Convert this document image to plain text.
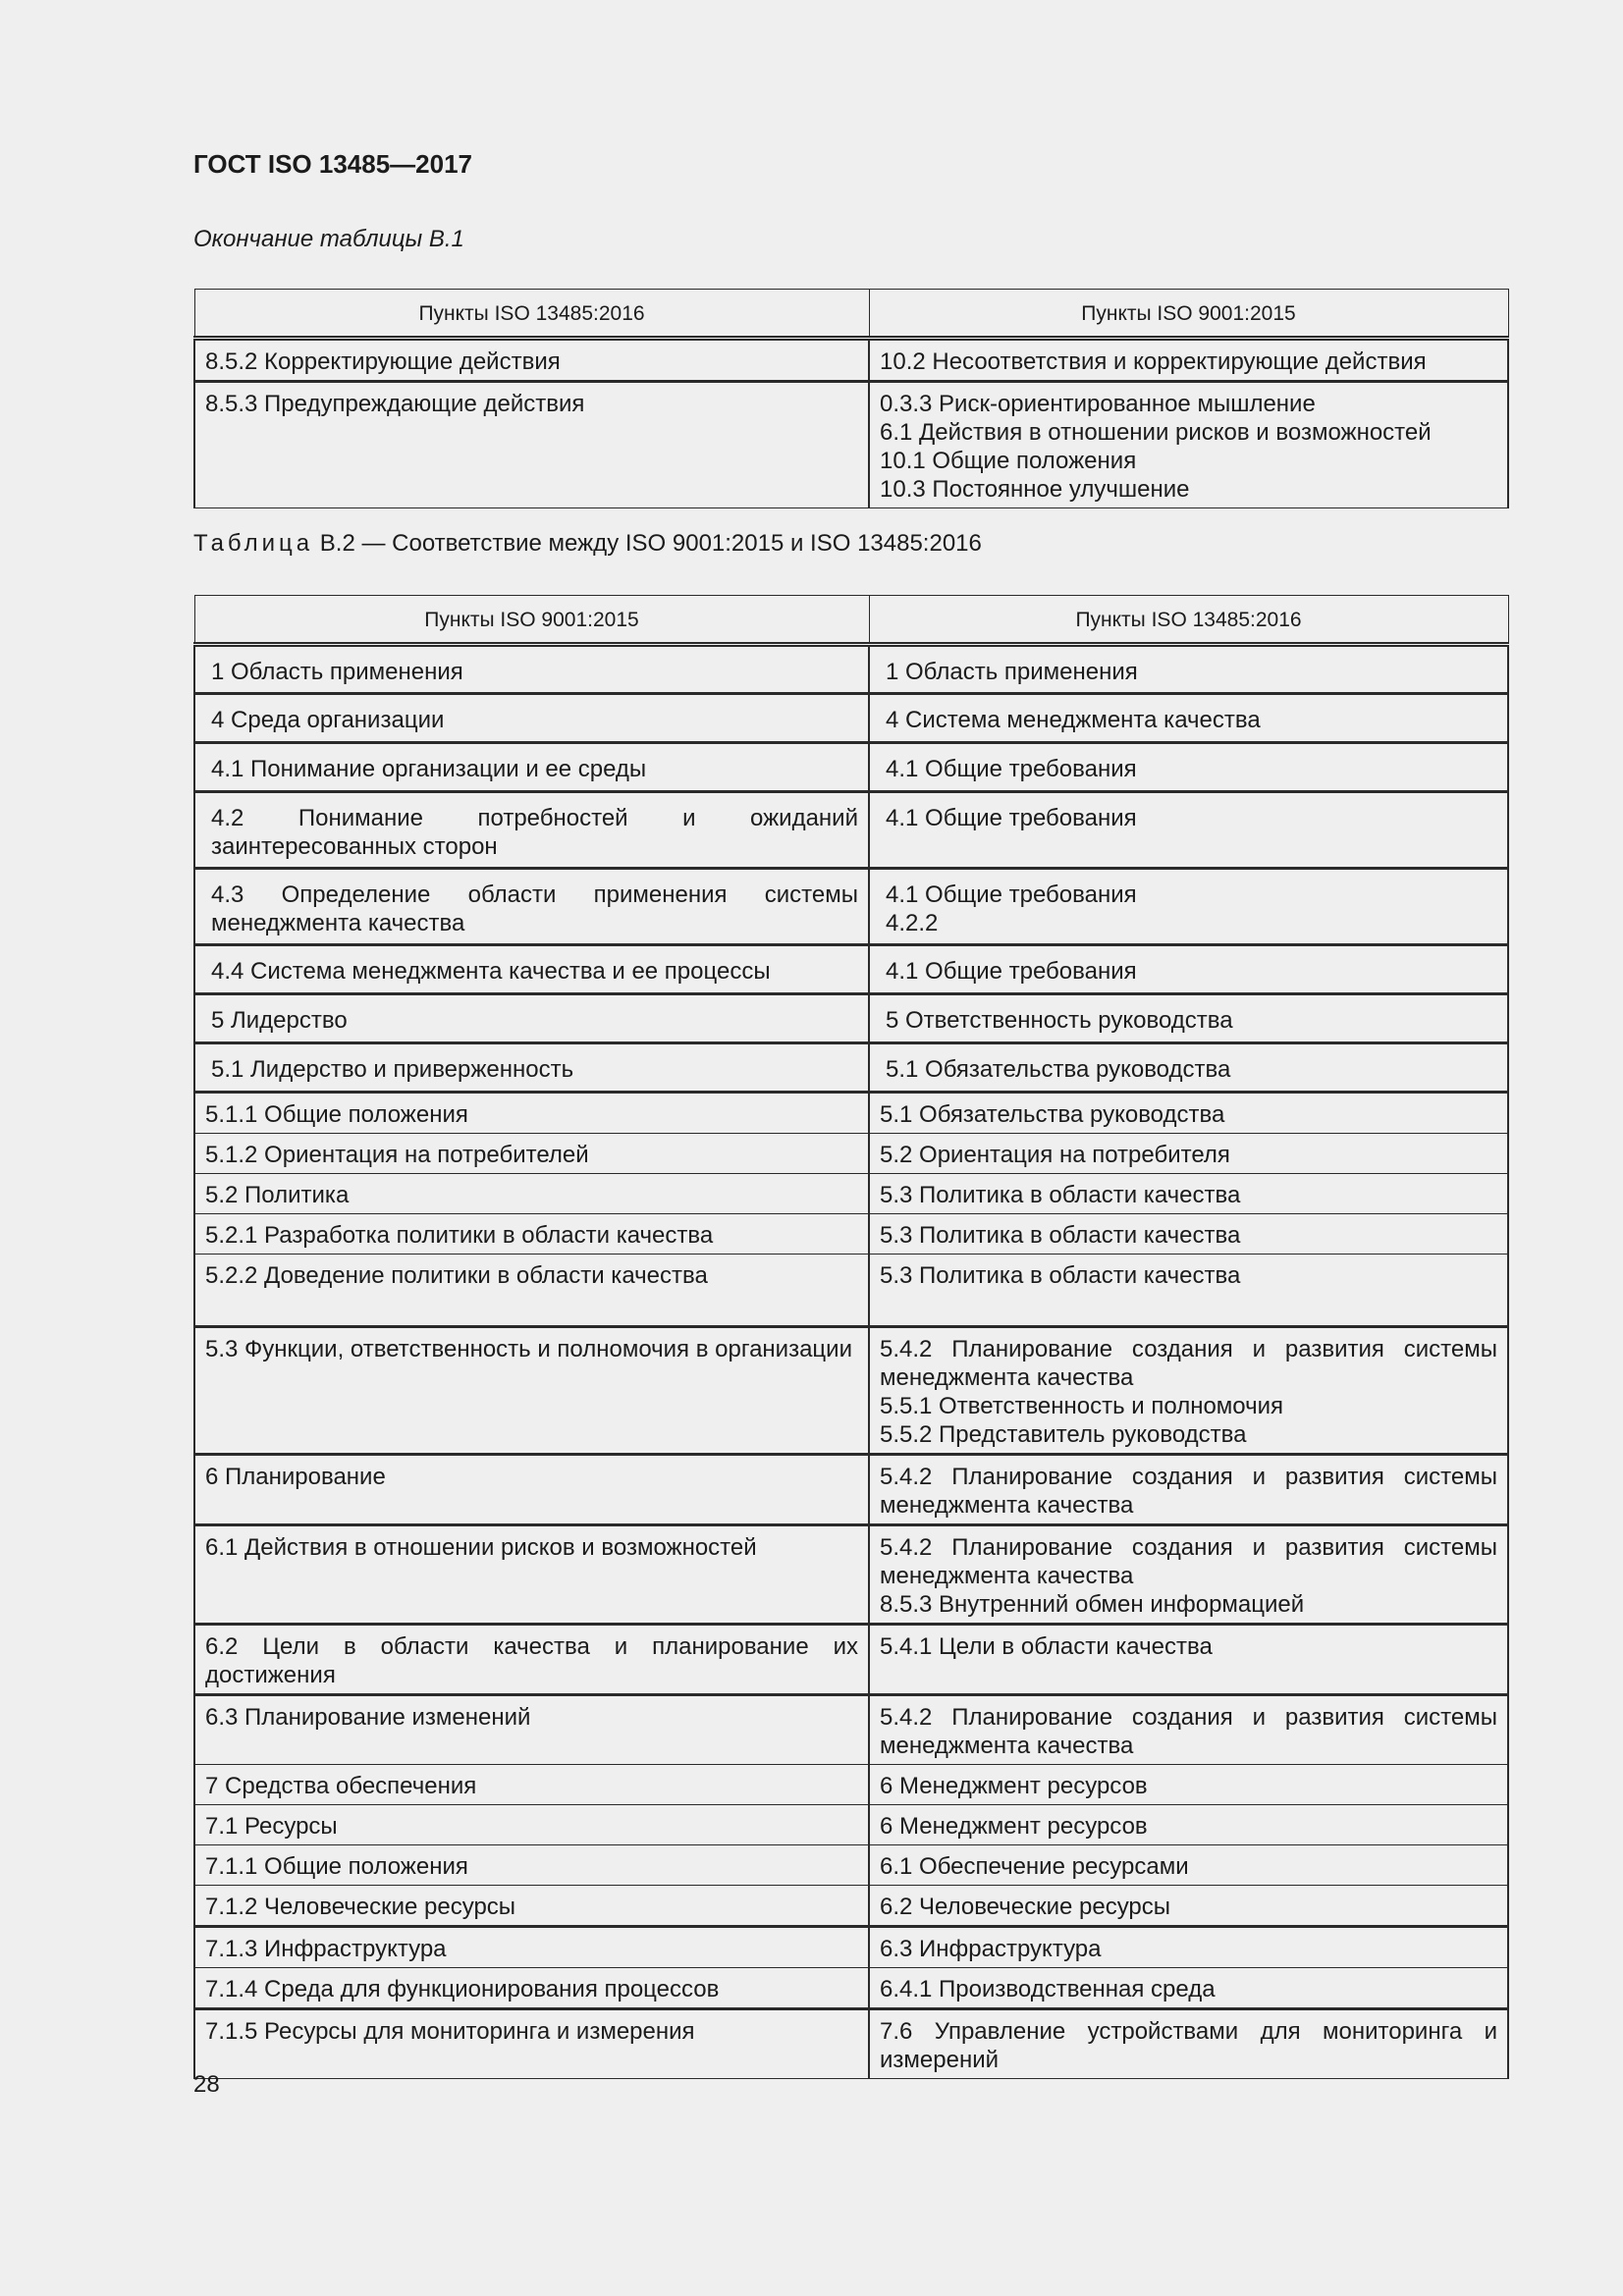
ГОСТ ISO 13485—2017

Окончание таблицы В.1

Пункты ISO 13485:2016	Пункты ISO 9001:2015

8.5.2 Корректирующие действия	10.2 Несоответствия и корректирующие действия

8.5.3 Предупреждающие действия	0.3.3 Риск-ориентированное мышление
6.1 Действия в отношении рисков и возможностей
10.1 Общие положения
10.3 Постоянное улучшение

Таблица В.2 — Соответствие между ISO 9001:2015 и ISO 13485:2016

Пункты ISO 9001:2015	Пункты ISO 13485:2016

1 Область применения	1 Область применения

4 Среда организации	4 Система менеджмента качества

4.1 Понимание организации и ее среды	4.1 Общие требования

4.2 Понимание потребностей и ожиданий заинтересованных сторон	4.1 Общие требования

4.3 Определение области применения системы менеджмента качества	4.1 Общие требования
4.2.2

4.4 Система менеджмента качества и ее процессы	4.1 Общие требования

5 Лидерство	5 Ответственность руководства

5.1 Лидерство и приверженность	5.1 Обязательства руководства

5.1.1 Общие положения	5.1 Обязательства руководства

5.1.2 Ориентация на потребителей	5.2 Ориентация на потребителя

5.2 Политика	5.3 Политика в области качества

5.2.1 Разработка политики в области качества	5.3 Политика в области качества

5.2.2 Доведение политики в области качества	5.3 Политика в области качества

5.3 Функции, ответственность и полномочия в организации	5.4.2 Планирование создания и развития системы менеджмента качества
5.5.1 Ответственность и полномочия
5.5.2 Представитель руководства

6 Планирование	5.4.2 Планирование создания и развития системы менеджмента качества

6.1 Действия в отношении рисков и возможностей	5.4.2 Планирование создания и развития системы менеджмента качества
8.5.3 Внутренний обмен информацией

6.2 Цели в области качества и планирование их достижения	5.4.1 Цели в области качества

6.3 Планирование изменений	5.4.2 Планирование создания и развития системы менеджмента качества

7 Средства обеспечения	6 Менеджмент ресурсов

7.1 Ресурсы	6 Менеджмент ресурсов

7.1.1 Общие положения	6.1 Обеспечение ресурсами

7.1.2 Человеческие ресурсы	6.2 Человеческие ресурсы

7.1.3 Инфраструктура	6.3 Инфраструктура

7.1.4 Среда для функционирования процессов	6.4.1 Производственная среда

7.1.5 Ресурсы для мониторинга и измерения	7.6 Управление устройствами для мониторинга и измерений

28
